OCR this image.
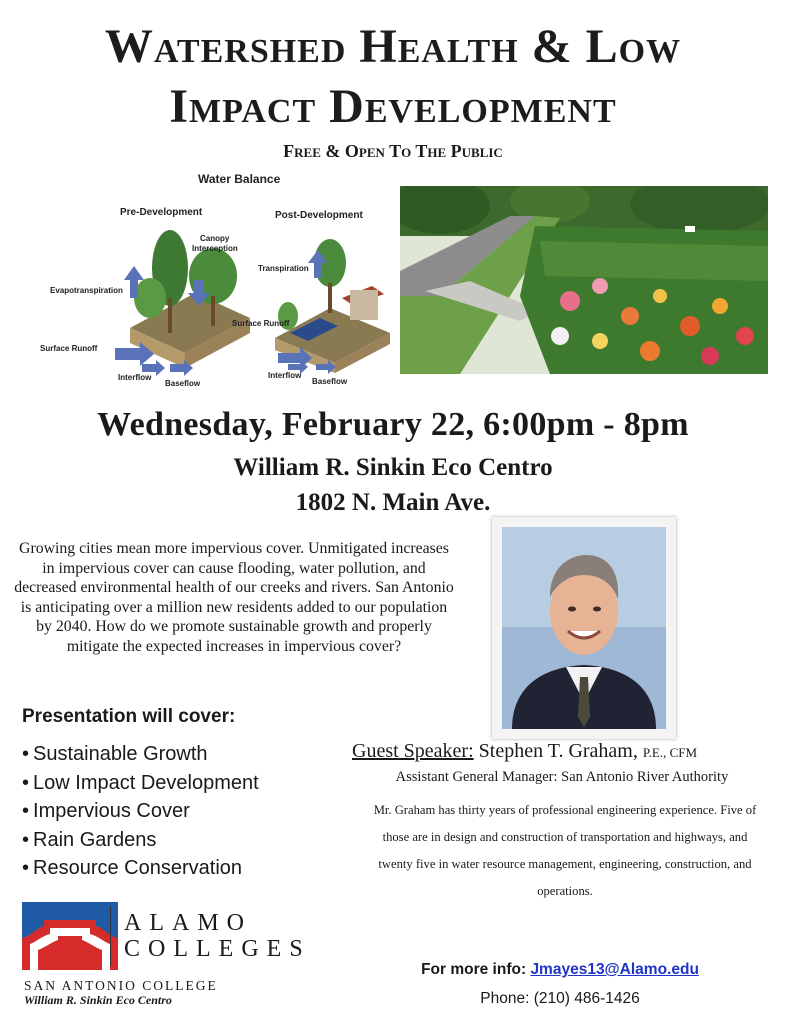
Watershed Health & Low
Impact Development
Free & Open To The Public
Water Balance
Pre-Development	Post-Development
Canopy
Interception
Evapotranspiration
Surface Runoff
Interflow
Baseflow
Transpiration
Surface Runoff
Interflow
Baseflow
Wednesday, February 22, 6:00pm - 8pm
William R. Sinkin Eco Centro
1802 N. Main Ave.
Growing cities mean more impervious cover. Unmitigated increases in impervious cover can cause flooding, water pollution, and decreased environmental health of our creeks and rivers. San Antonio is anticipating over a million new residents added to our population by 2040. How do we promote sustainable growth and properly mitigate the expected increases in impervious cover?
Presentation will cover:
• Sustainable Growth
• Low Impact Development
• Impervious Cover
• Rain Gardens
• Resource Conservation
Guest Speaker: Stephen T. Graham, P.E., CFM
Assistant General Manager: San Antonio River Authority
Mr. Graham has thirty years of professional engineering experience. Five of those are in design and construction of transportation and highways, and twenty five in water resource management, engineering, construction, and operations.
ALAMO
COLLEGES
SAN ANTONIO COLLEGE
William R. Sinkin Eco Centro
For more info: Jmayes13@Alamo.edu
Phone: (210) 486-1426
